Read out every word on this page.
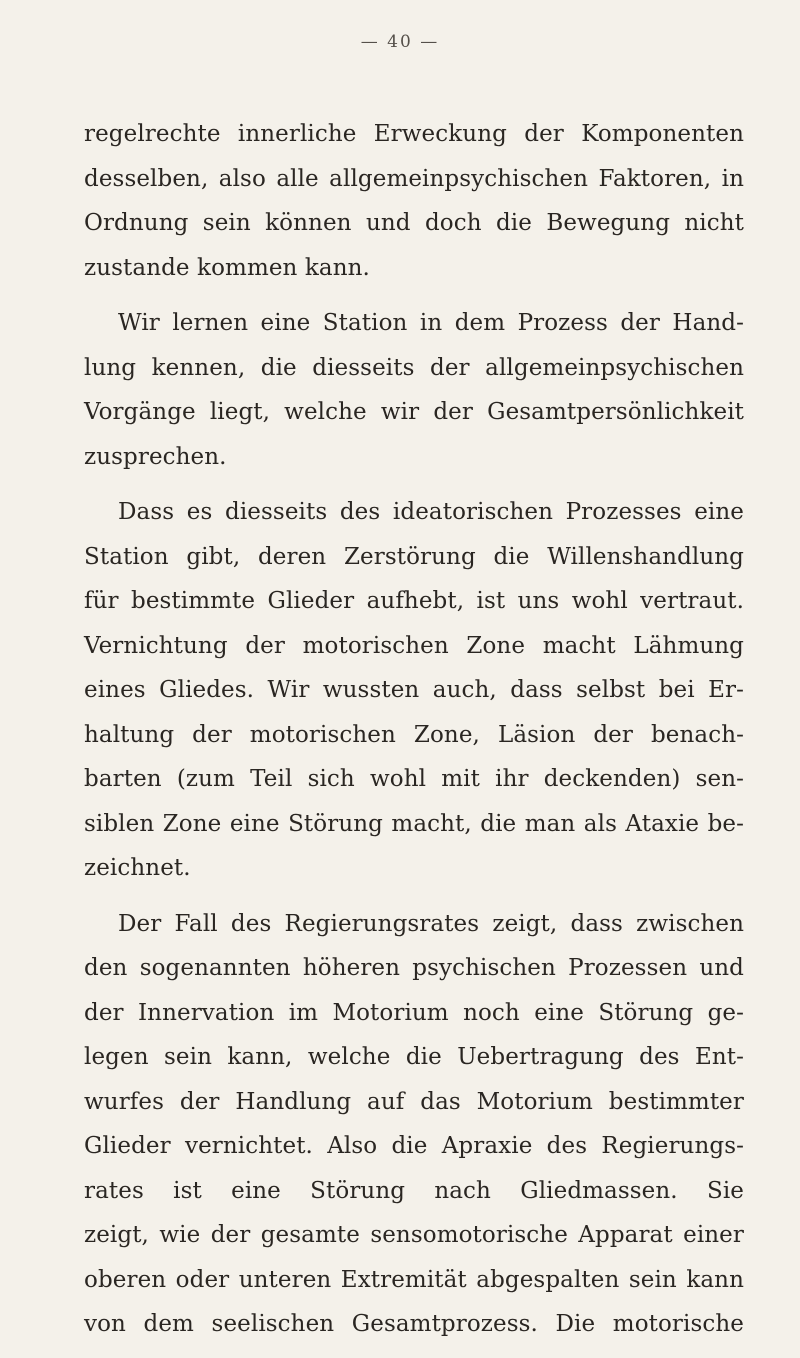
— 40 —
regelrechte innerliche Erweckung der Komponenten
desselben, also alle allgemeinpsychischen Faktoren, in
Ordnung sein können und doch die Bewegung nicht
zustande kommen kann.
Wir lernen eine Station in dem Prozess der Hand-
lung kennen, die diesseits der allgemeinpsychischen
Vorgänge liegt, welche wir der Gesamtpersönlichkeit
zusprechen.
Dass es diesseits des ideatorischen Prozesses eine
Station gibt, deren Zerstörung die Willenshandlung
für bestimmte Glieder aufhebt, ist uns wohl vertraut.
Vernichtung der motorischen Zone macht Lähmung
eines Gliedes. Wir wussten auch, dass selbst bei Er-
haltung der motorischen Zone, Läsion der benach-
barten (zum Teil sich wohl mit ihr deckenden) sen-
siblen Zone eine Störung macht, die man als Ataxie be-
zeichnet.
Der Fall des Regierungsrates zeigt, dass zwischen
den sogenannten höheren psychischen Prozessen und
der Innervation im Motorium noch eine Störung ge-
legen sein kann, welche die Uebertragung des Ent-
wurfes der Handlung auf das Motorium bestimmter
Glieder vernichtet. Also die Apraxie des Regierungs-
rates ist eine Störung nach Gliedmassen. Sie
zeigt, wie der gesamte sensomotorische Apparat einer
oberen oder unteren Extremität abgespalten sein kann
von dem seelischen Gesamtprozess. Die motorische
